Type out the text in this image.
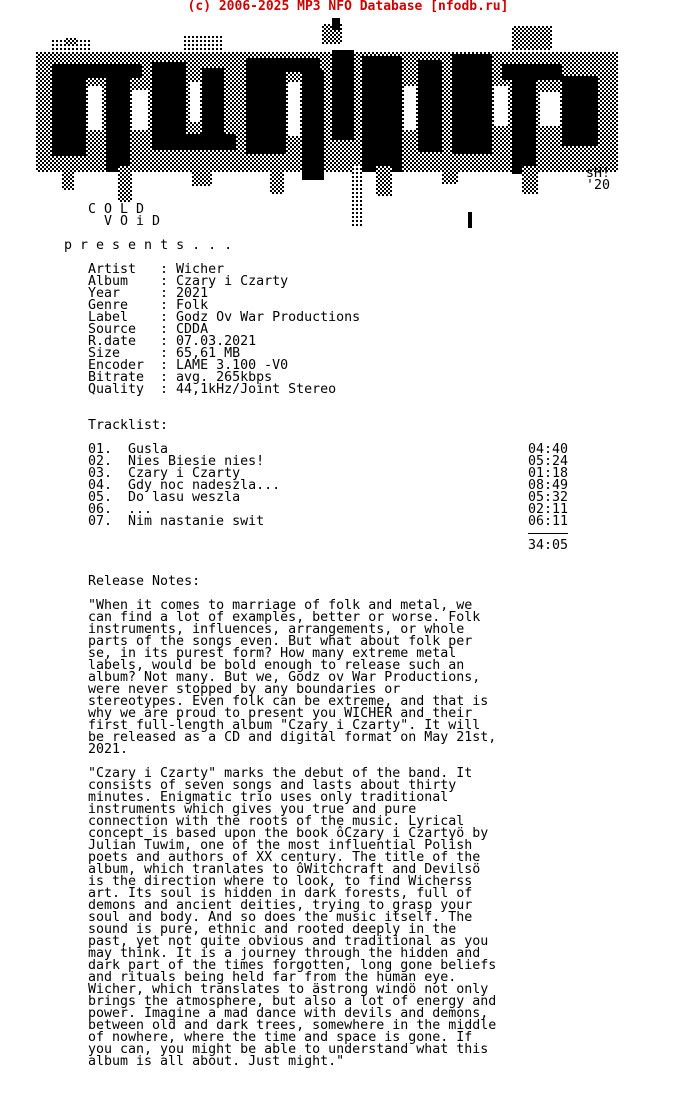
(c) 2006-2025 MP3 NFO Database [nfodb.ru]
C O L D
V O i D
sH!
'20
p r e s e n t s . . .
Artist : Wicher
Album : Czary i Czarty
Year	: 2021
Genre : Folk
Label : Godz Ov War Productions
Source : CDDA
R.date : 07.03.2021
Size	: 65,61 MB
Encoder : LAME 3.100 -V0
Bitrate : avg. 265kbps
Quality : 44,1kHz/Joint Stereo
Tracklist:
01. Gusla	04:40
02. Nies Biesie nies!	05:24
03. Czary i Czarty	01:18
04. Gdy noc nadeszla...	08:49
05. Do lasu weszla	05:32
06. ...	02:11
07. Nim nastanie swit	06:11
34:05
Release Notes:
"When it comes to marriage of folk and metal, we
can find a lot of examples, better or worse. Folk
instruments, influences, arrangements, or whole
parts of the songs even. But what about folk per
se, in its purest form? How many extreme metal
labels, would be bold enough to release such an
album? Not many. But we, Godz ov War Productions,
were never stopped by any boundaries or
stereotypes. Even folk can be extreme, and that is
why we are proud to present you WICHER and their
first full-length album "Czary i Czarty". It will
be released as a CD and digital format on May 21st,
2021.
"Czary i Czarty" marks the debut of the band. It
consists of seven songs and lasts about thirty
minutes. Enigmatic trio uses only traditional
instruments which gives you true and pure
connection with the roots of the music. Lyrical
concept is based upon the book ôCzary i Czartyö by
Julian Tuwim, one of the most influential Polish
poets and authors of XX century. The title of the
album, which tranlates to ôWitchcraft and Devilsö
is the direction where to look, to find Wicherss
art. Its soul is hidden in dark forests, full of
demons and ancient deities, trying to grasp your
soul and body. And so does the music itself. The
sound is pure, ethnic and rooted deeply in the
past, yet not quite obvious and traditional as you
may think. It is a journey through the hidden and
dark part of the times forgotten, long gone beliefs
and rituals being held far from the human eye.
Wicher, which translates to ästrong windö not only
brings the atmosphere, but also a lot of energy and
power. Imagine a mad dance with devils and demons,
between old and dark trees, somewhere in the middle
of nowhere, where the time and space is gone. If
you can, you might be able to understand what this
album is all about. Just might."
